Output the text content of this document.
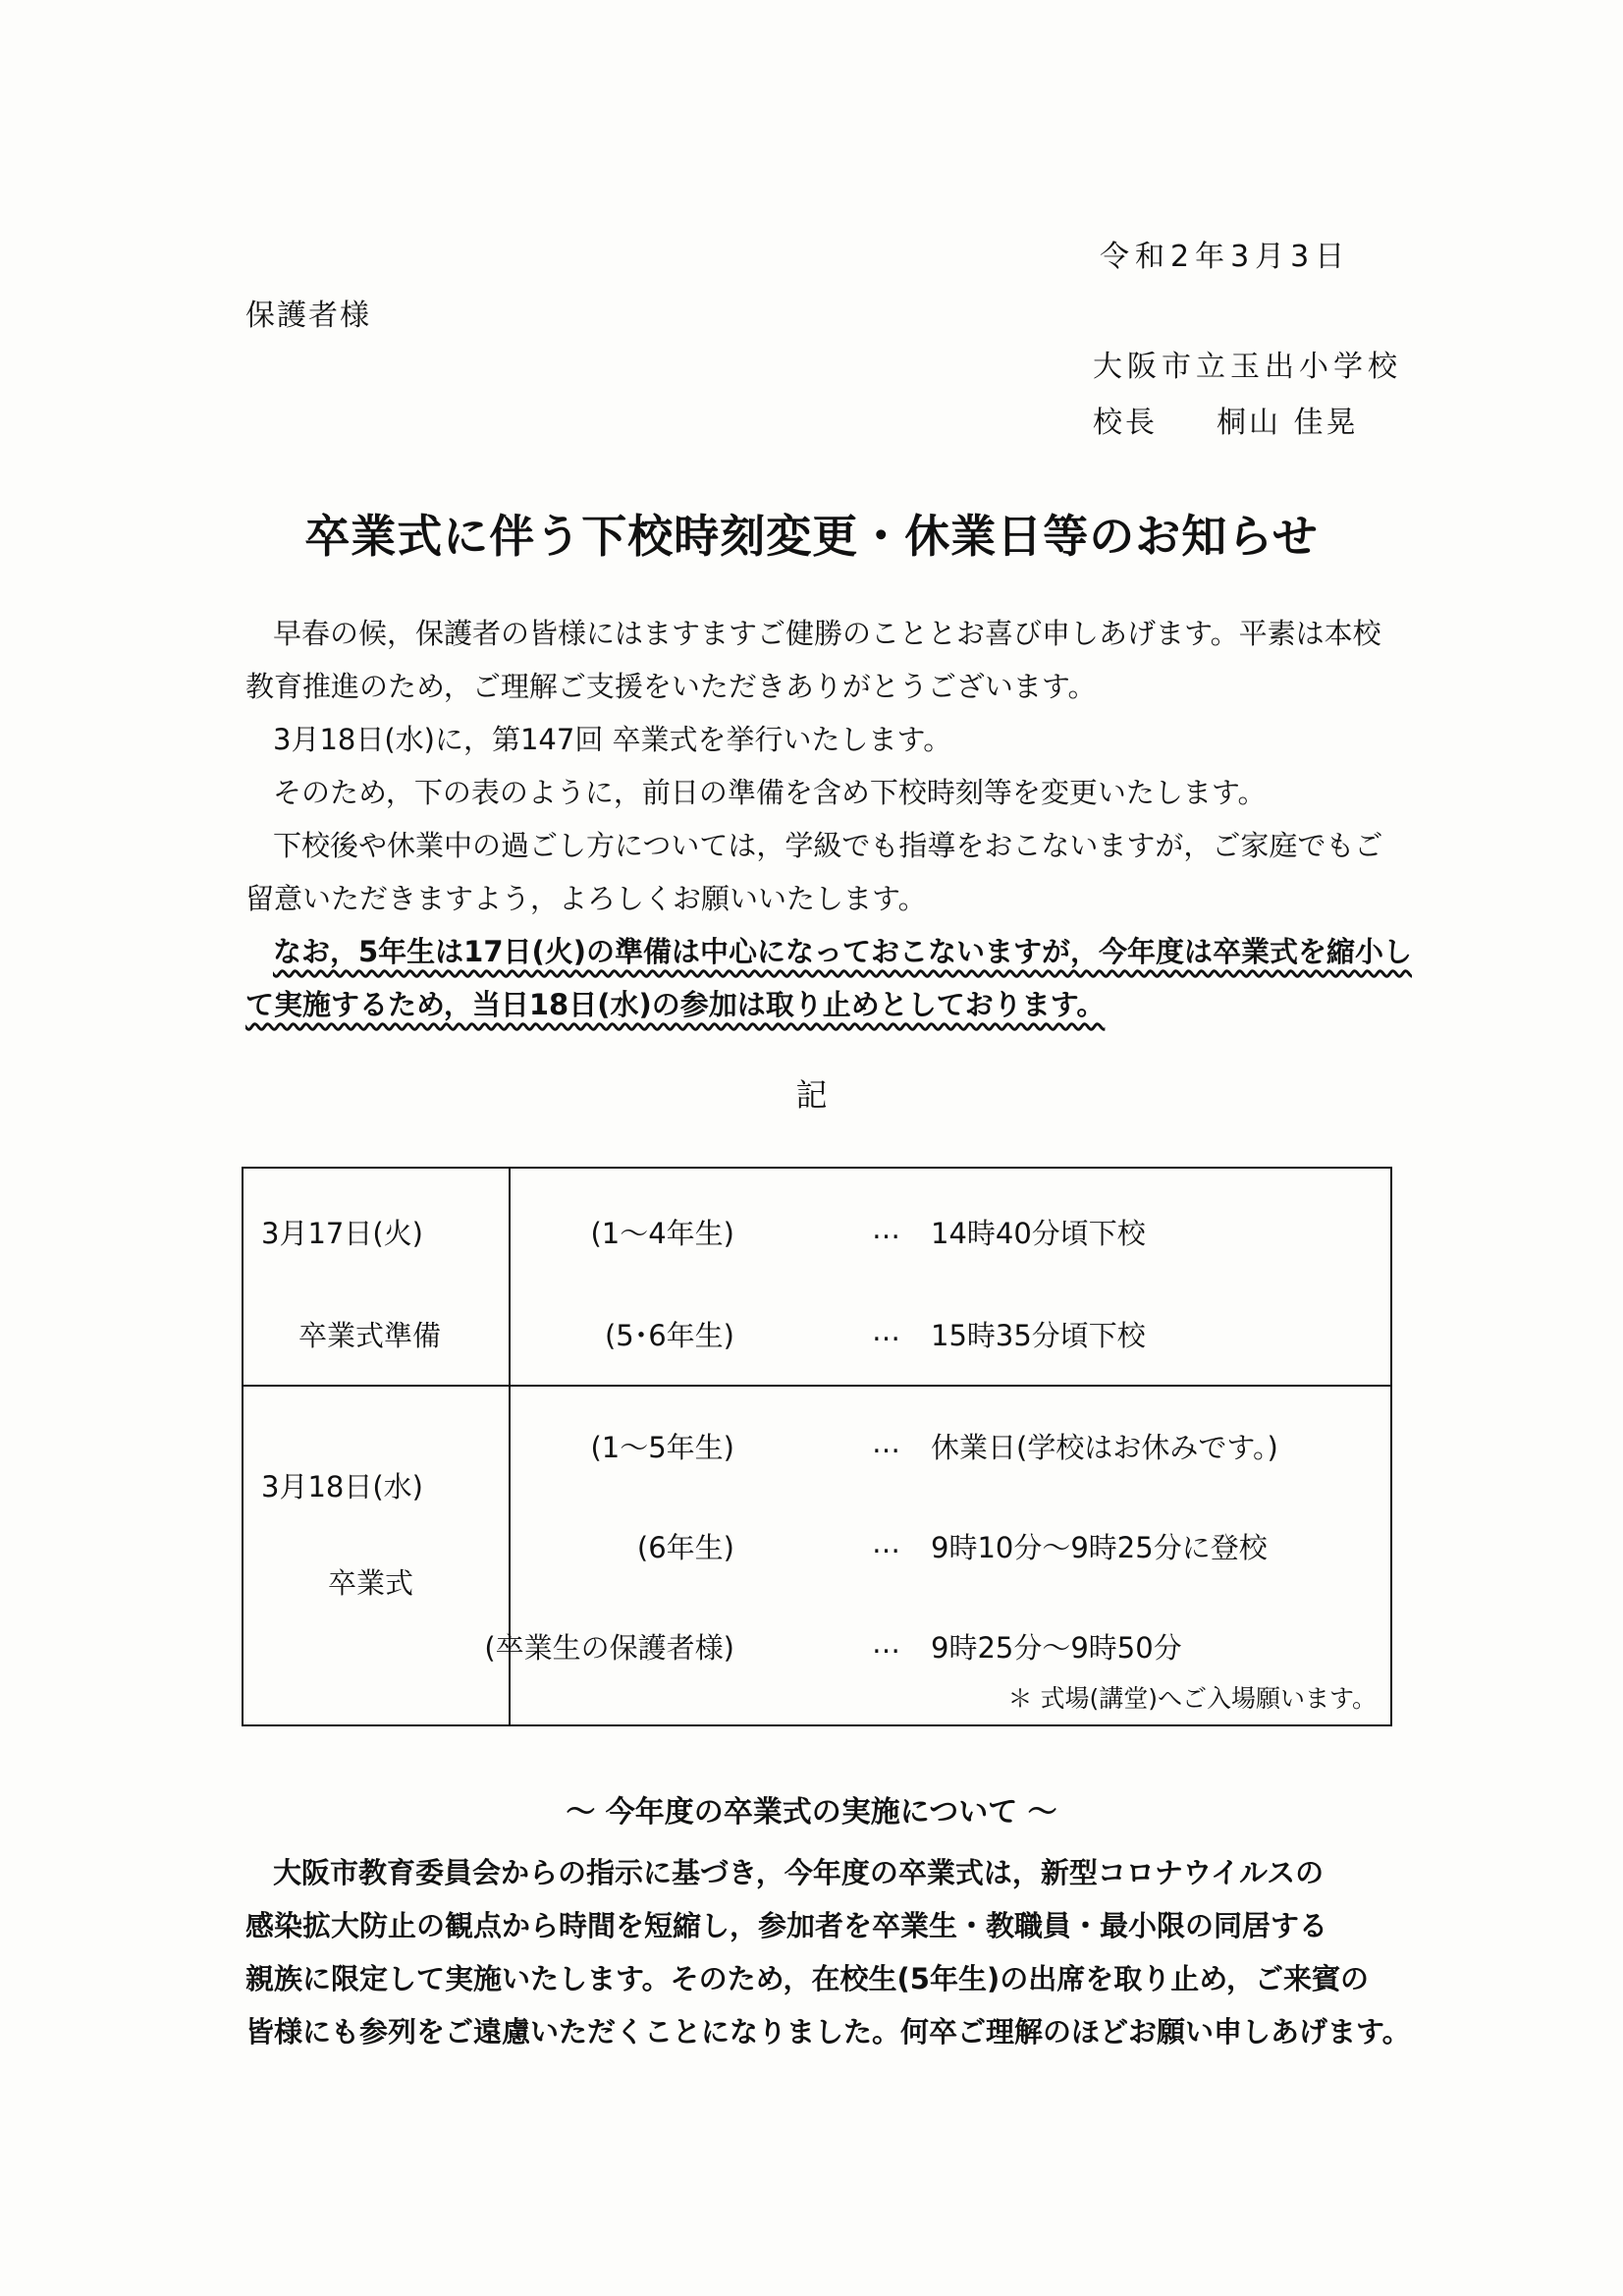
令和2年3月3日
保護者様
大阪市立玉出小学校
校長 桐山 佳晃
卒業式に伴う下校時刻変更・休業日等のお知らせ

早春の候，保護者の皆様にはますますご健勝のこととお喜び申しあげます。平素は本校

教育推進のため，ご理解ご支援をいただきありがとうございます。

3月18日(水)に，第147回 卒業式を挙行いたします。

そのため，下の表のように，前日の準備を含め下校時刻等を変更いたします。

下校後や休業中の過ごし方については，学級でも指導をおこないますが，ご家庭でもご

留意いただきますよう，よろしくお願いいたします。

なお，5年生は17日(火)の準備は中心になっておこないますが，今年度は卒業式を縮小し

て実施するため，当日18日(水)の参加は取り止めとしております。

記
3月17日(火)
卒業式準備
(1～4年生)	… 14時40分頃下校
(5･6年生)	… 15時35分頃下校
3月18日(水)
卒業式
(1～5年生)	… 休業日(学校はお休みです。)
(6年生)	… 9時10分～9時25分に登校
(卒業生の保護者様)	… 9時25分～9時50分
＊ 式場(講堂)へご入場願います。
～ 今年度の卒業式の実施について ～

大阪市教育委員会からの指示に基づき，今年度の卒業式は，新型コロナウイルスの

感染拡大防止の観点から時間を短縮し，参加者を卒業生・教職員・最小限の同居する

親族に限定して実施いたします。そのため，在校生(5年生)の出席を取り止め，ご来賓の

皆様にも参列をご遠慮いただくことになりました。何卒ご理解のほどお願い申しあげます。
